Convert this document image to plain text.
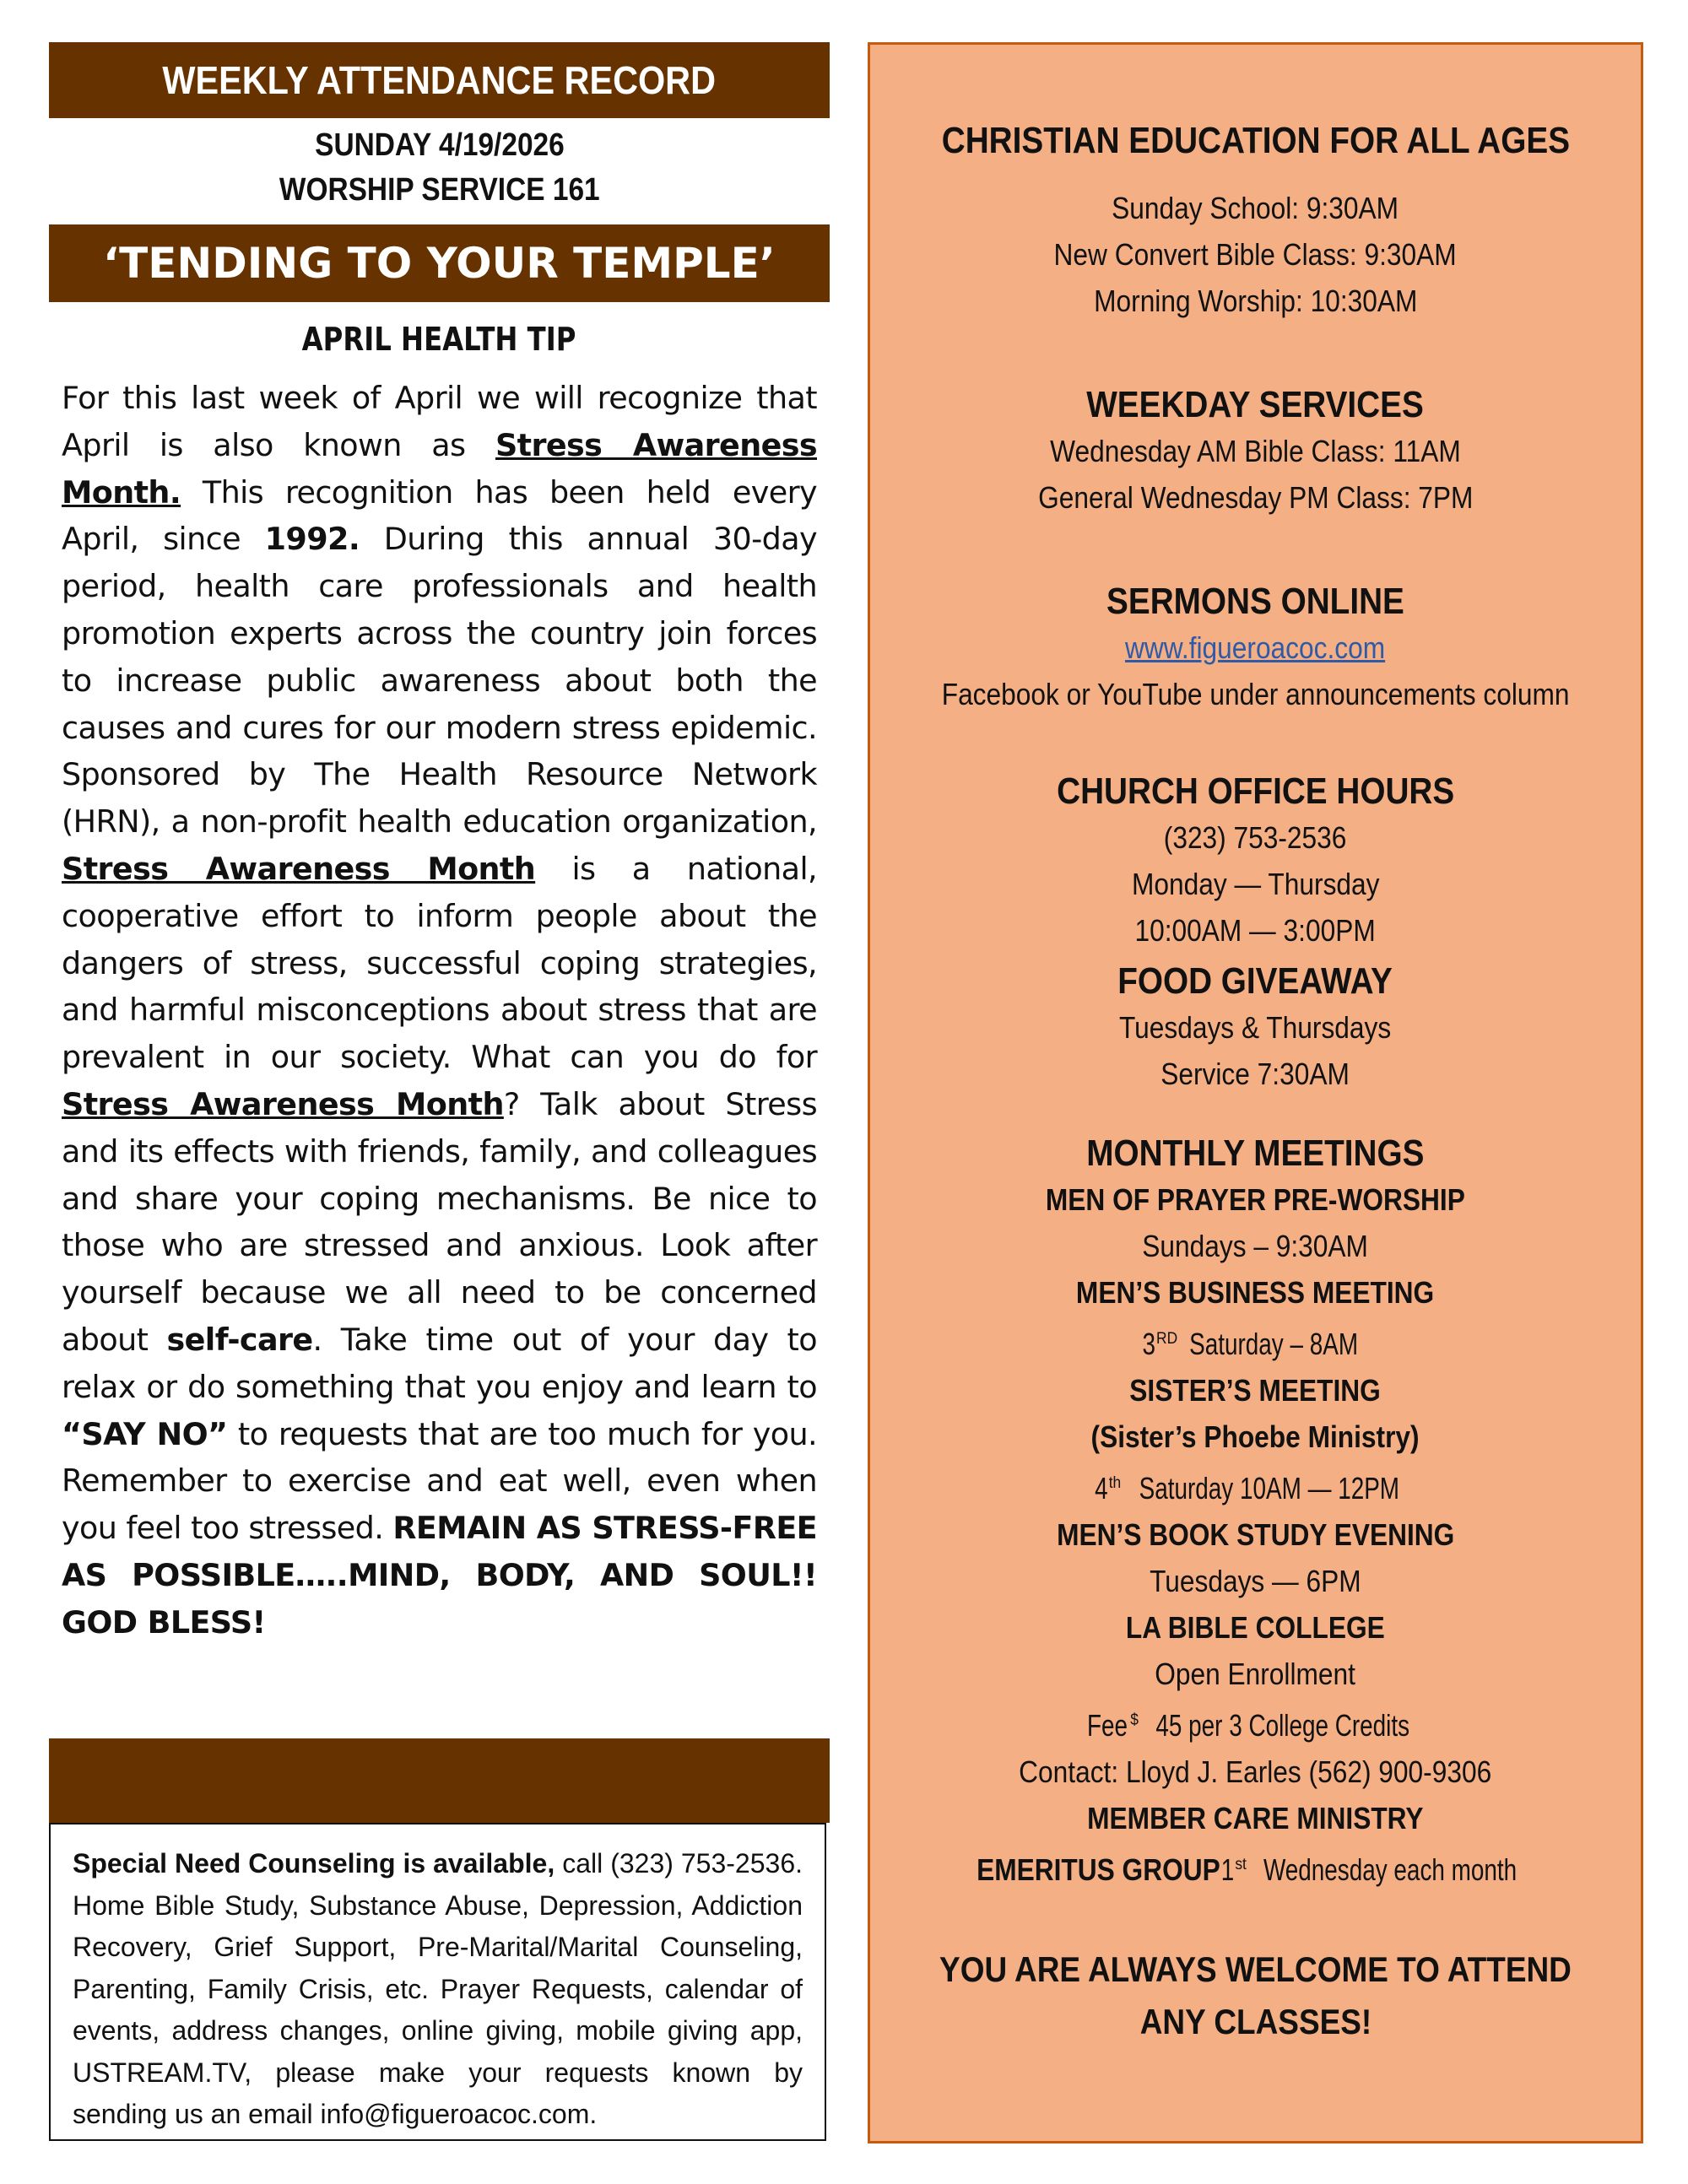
WEEKLY ATTENDANCE RECORD
SUNDAY 4/19/2026
WORSHIP SERVICE 161
‘TENDING TO YOUR TEMPLE’
APRIL HEALTH TIP
For this last week of April we will recognize that April is also known as Stress Awareness Month. This recognition has been held every April, since 1992. During this annual 30-day period, health care professionals and health promotion experts across the country join forces to increase public awareness about both the causes and cures for our modern stress epidemic. Sponsored by The Health Resource Network (HRN), a non-profit health education organization, Stress Awareness Month is a national, cooperative effort to inform people about the dangers of stress, successful coping strategies, and harmful misconceptions about stress that are prevalent in our society. What can you do for Stress Awareness Month? Talk about Stress and its effects with friends, family, and colleagues and share your coping mechanisms. Be nice to those who are stressed and anxious. Look after yourself because we all need to be concerned about self-care. Take time out of your day to relax or do something that you enjoy and learn to “SAY NO” to requests that are too much for you. Remember to exercise and eat well, even when you feel too stressed. REMAIN AS STRESS-FREE AS POSSIBLE…..MIND, BODY, AND SOUL!! GOD BLESS!
Special Need Counseling is available, call (323) 753-2536. Home Bible Study, Substance Abuse, Depression, Addiction Recovery, Grief Support, Pre-Marital/Marital Counseling, Parenting, Family Crisis, etc. Prayer Requests, calendar of events, address changes, online giving, mobile giving app, USTREAM.TV, please make your requests known by sending us an email info@figueroacoc.com.
CHRISTIAN EDUCATION FOR ALL AGES
Sunday School: 9:30AM
New Convert Bible Class: 9:30AM
Morning Worship: 10:30AM
WEEKDAY SERVICES
Wednesday AM Bible Class: 11AM
General Wednesday PM Class: 7PM
SERMONS ONLINE
www.figueroacoc.com
Facebook or YouTube under announcements column
CHURCH OFFICE HOURS
(323) 753-2536
Monday — Thursday
10:00AM — 3:00PM
FOOD GIVEAWAY
Tuesdays & Thursdays
Service 7:30AM
MONTHLY MEETINGS
MEN OF PRAYER PRE-WORSHIP
Sundays – 9:30AM
MEN’S BUSINESS MEETING
3RDSaturday – 8AM
SISTER’S MEETING
(Sister’s Phoebe Ministry)
4thSaturday 10AM — 12PM
MEN’S BOOK STUDY EVENING
Tuesdays — 6PM
LA BIBLE COLLEGE
Open Enrollment
Fee$ 45 per 3 College Credits
Contact: Lloyd J. Earles (562) 900-9306
MEMBER CARE MINISTRY
EMERITUS GROUP1stWednesday each month
YOU ARE ALWAYS WELCOME TO ATTEND
ANY CLASSES!
